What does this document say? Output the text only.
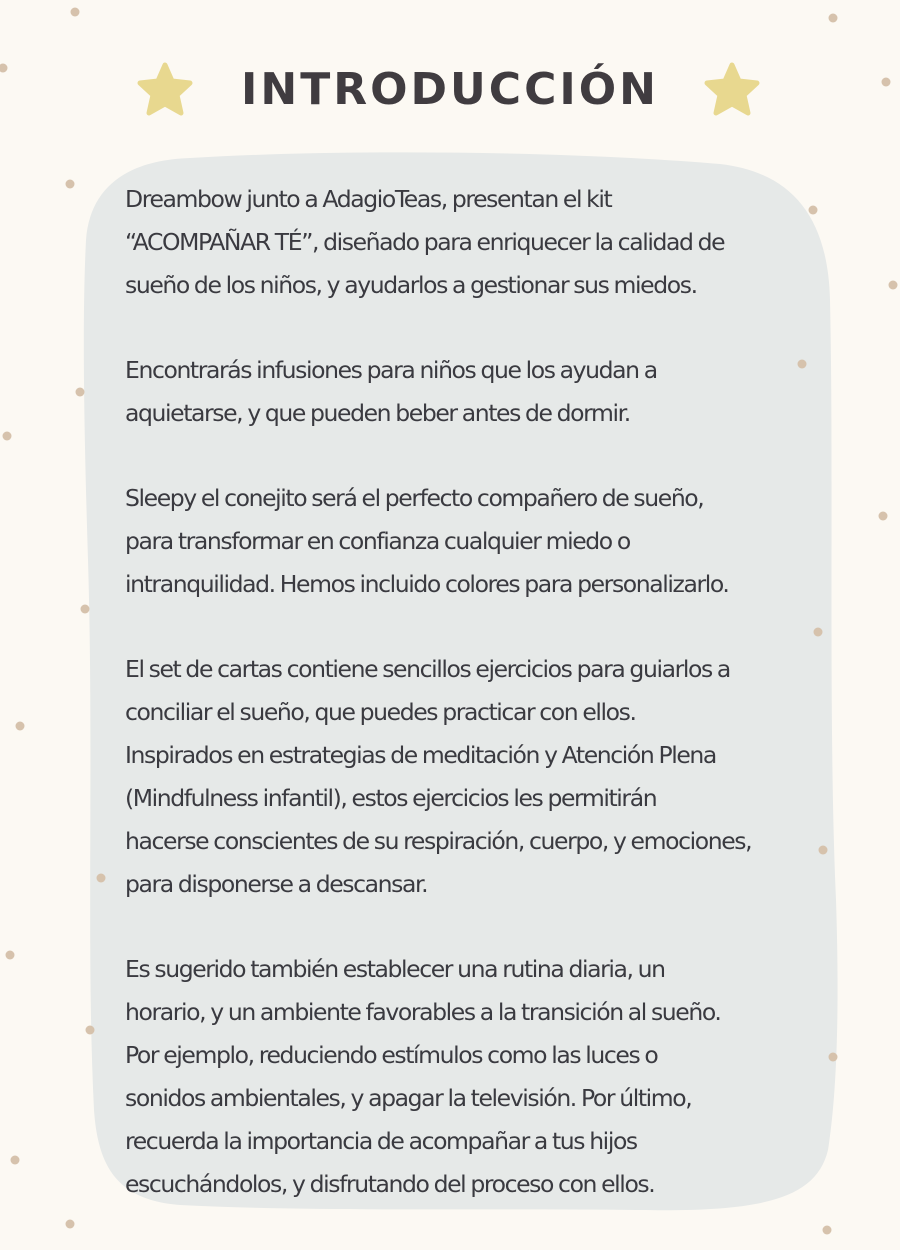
INTRODUCCIÓN

Dreambow junto a AdagioTeas, presentan el kit
“ACOMPAÑAR TÉ”, diseñado para enriquecer la calidad de
sueño de los niños, y ayudarlos a gestionar sus miedos.

Encontrarás infusiones para niños que los ayudan a
aquietarse, y que pueden beber antes de dormir.

Sleepy el conejito será el perfecto compañero de sueño,
para transformar en confianza cualquier miedo o
intranquilidad. Hemos incluido colores para personalizarlo.

El set de cartas contiene sencillos ejercicios para guiarlos a
conciliar el sueño, que puedes practicar con ellos.
Inspirados en estrategias de meditación y Atención Plena
(Mindfulness infantil), estos ejercicios les permitirán
hacerse conscientes de su respiración, cuerpo, y emociones,
para disponerse a descansar.

Es sugerido también establecer una rutina diaria, un
horario, y un ambiente favorables a la transición al sueño.
Por ejemplo, reduciendo estímulos como las luces o
sonidos ambientales, y apagar la televisión. Por último,
recuerda la importancia de acompañar a tus hijos
escuchándolos, y disfrutando del proceso con ellos.
